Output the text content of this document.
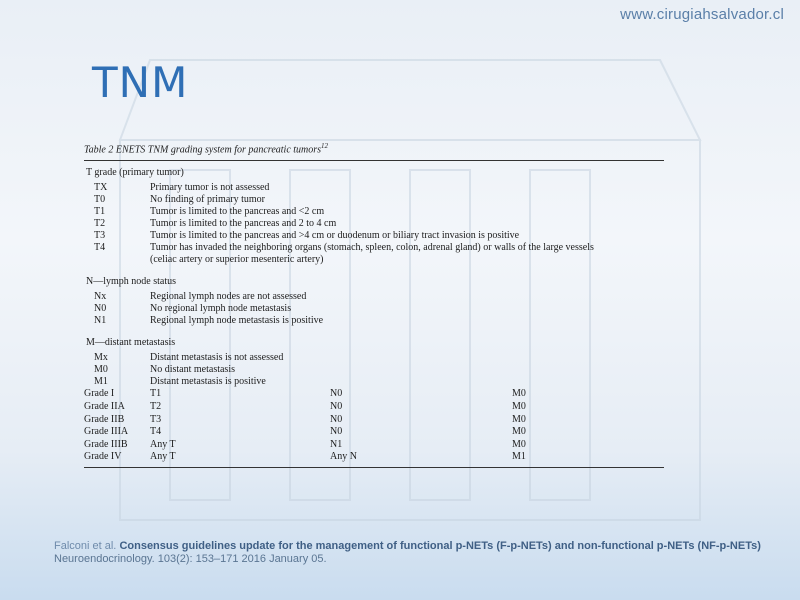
www.cirugiahsalvador.cl
TNM
Table 2 ENETS TNM grading system for pancreatic tumors$^{12}$
T grade (primary tumor)
TX	Primary tumor is not assessed
T0	No finding of primary tumor
T1	Tumor is limited to the pancreas and <2 cm
T2	Tumor is limited to the pancreas and 2 to 4 cm
T3	Tumor is limited to the pancreas and >4 cm or duodenum or biliary tract invasion is positive
T4	Tumor has invaded the neighboring organs (stomach, spleen, colon, adrenal gland) or walls of the large vessels
(celiac artery or superior mesenteric artery)
N—lymph node status
Nx	Regional lymph nodes are not assessed
N0	No regional lymph node metastasis
N1	Regional lymph node metastasis is positive
M—distant metastasis
Mx	Distant metastasis is not assessed
M0	No distant metastasis
M1	Distant metastasis is positive
Grade I	T1	N0	M0
Grade IIA	T2	N0	M0
Grade IIB	T3	N0	M0
Grade IIIA	T4	N0	M0
Grade IIIB	Any T	N1	M0
Grade IV	Any T	Any N	M1
Falconi et al. Consensus guidelines update for the management of functional p-NETs (F-p-NETs) and non-functional p-NETs (NF-p-NETs)
Neuroendocrinology. 103(2): 153–171 2016 January 05.
